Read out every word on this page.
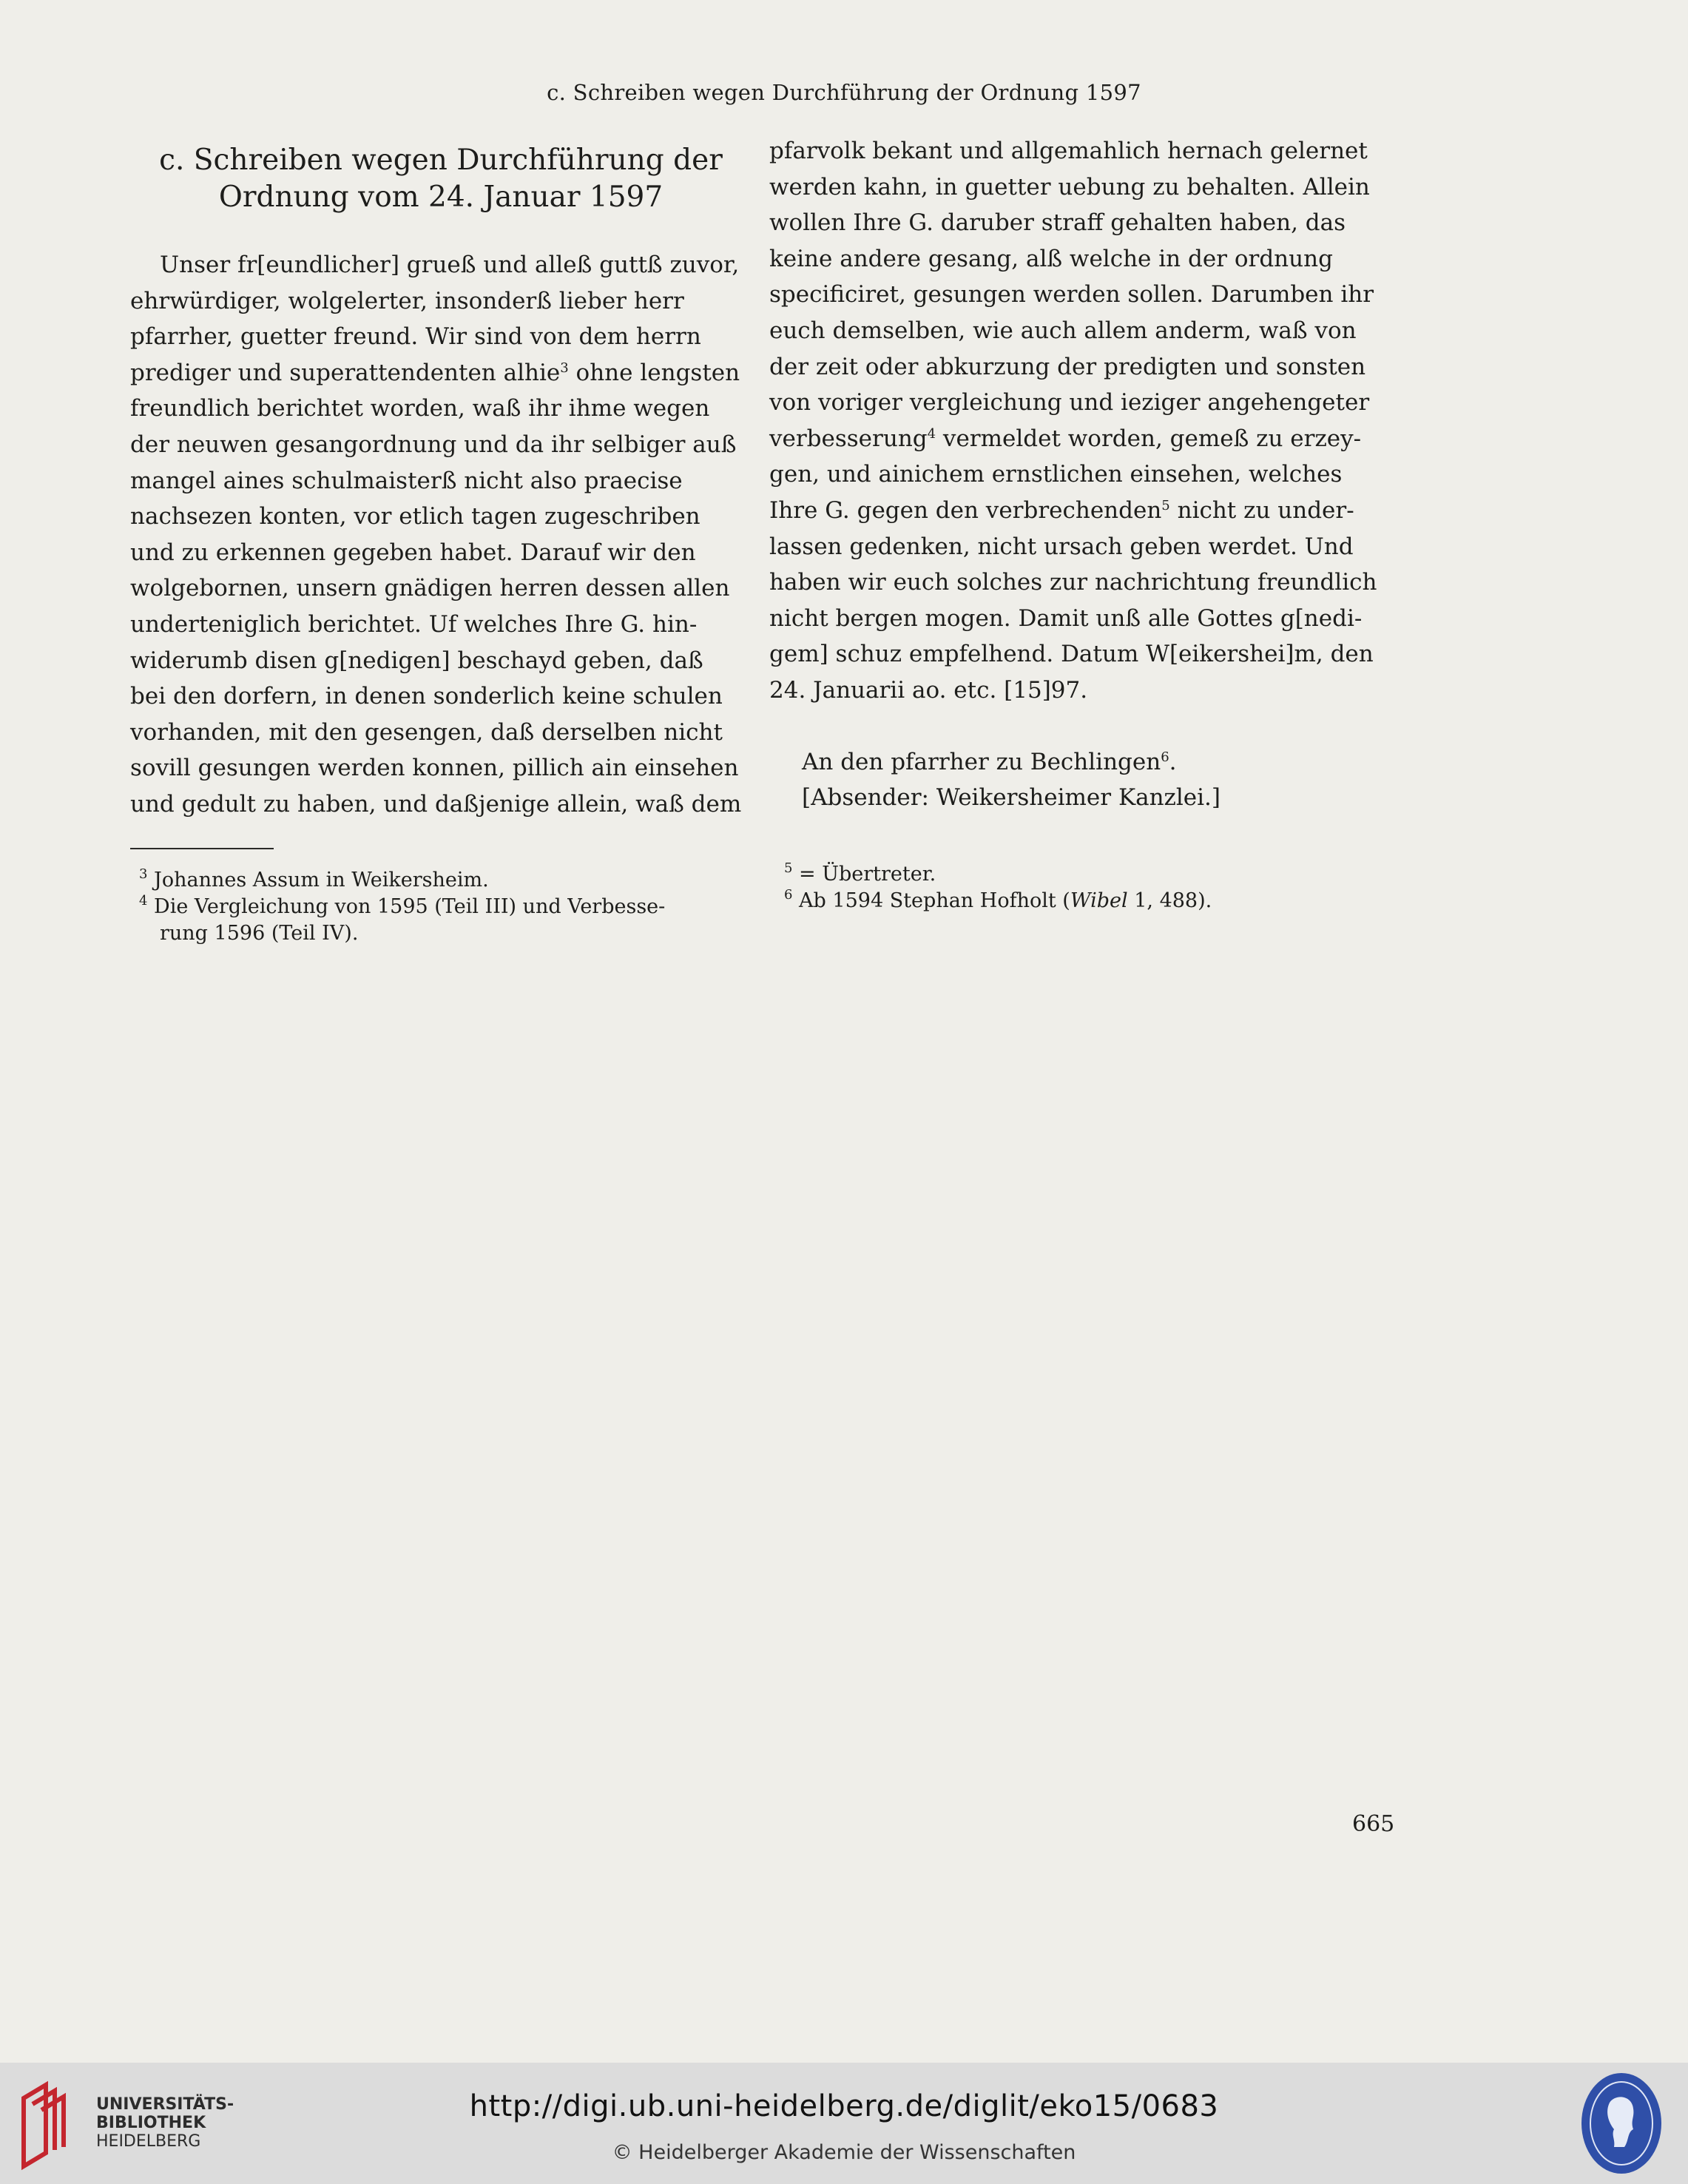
c. Schreiben wegen Durchführung der Ordnung 1597
c. Schreiben wegen Durchführung der
Ordnung vom 24. Januar 1597

Unser fr[eundlicher] grueß und alleß guttß zuvor,

ehrwürdiger, wolgelerter, insonderß lieber herr

pfarrher, guetter freund. Wir sind von dem herrn

prediger und superattendenten alhie$^3$ ohne lengsten

freundlich berichtet worden, waß ihr ihme wegen

der neuwen gesangordnung und da ihr selbiger auß

mangel aines schulmaisterß nicht also praecise

nachsezen konten, vor etlich tagen zugeschriben

und zu erkennen gegeben habet. Darauf wir den

wolgebornen, unsern gnädigen herren dessen allen

underteniglich berichtet. Uf welches Ihre G. hin-

widerumb disen g[nedigen] beschayd geben, daß

bei den dorfern, in denen sonderlich keine schulen

vorhanden, mit den gesengen, daß derselben nicht

sovill gesungen werden konnen, pillich ain einsehen

und gedult zu haben, und daßjenige allein, waß dem

pfarvolk bekant und allgemahlich hernach gelernet

werden kahn, in guetter uebung zu behalten. Allein

wollen Ihre G. daruber straff gehalten haben, das

keine andere gesang, alß welche in der ordnung

specificiret, gesungen werden sollen. Darumben ihr

euch demselben, wie auch allem anderm, waß von

der zeit oder abkurzung der predigten und sonsten

von voriger vergleichung und ieziger angehengeter

verbesserung$^4$ vermeldet worden, gemeß zu erzey-

gen, und ainichem ernstlichen einsehen, welches

Ihre G. gegen den verbrechenden$^5$ nicht zu under-

lassen gedenken, nicht ursach geben werdet. Und

haben wir euch solches zur nachrichtung freundlich

nicht bergen mogen. Damit unß alle Gottes g[nedi-

gem] schuz empfelhend. Datum W[eikershei]m, den

24. Januarii ao. etc. [15]97.

An den pfarrher zu Bechlingen$^6$.
[Absender: Weikersheimer Kanzlei.]
$^3$ Johannes Assum in Weikersheim.
$^4$ Die Vergleichung von 1595 (Teil III) und Verbesse-
rung 1596 (Teil IV).
$^5$ = Übertreter.
$^6$ Ab 1594 Stephan Hofholt (Wibel 1, 488).
665
UNIVERSITÄTS-
BIBLIOTHEK
HEIDELBERG
http://digi.ub.uni-heidelberg.de/diglit/eko15/0683
© Heidelberger Akademie der Wissenschaften
